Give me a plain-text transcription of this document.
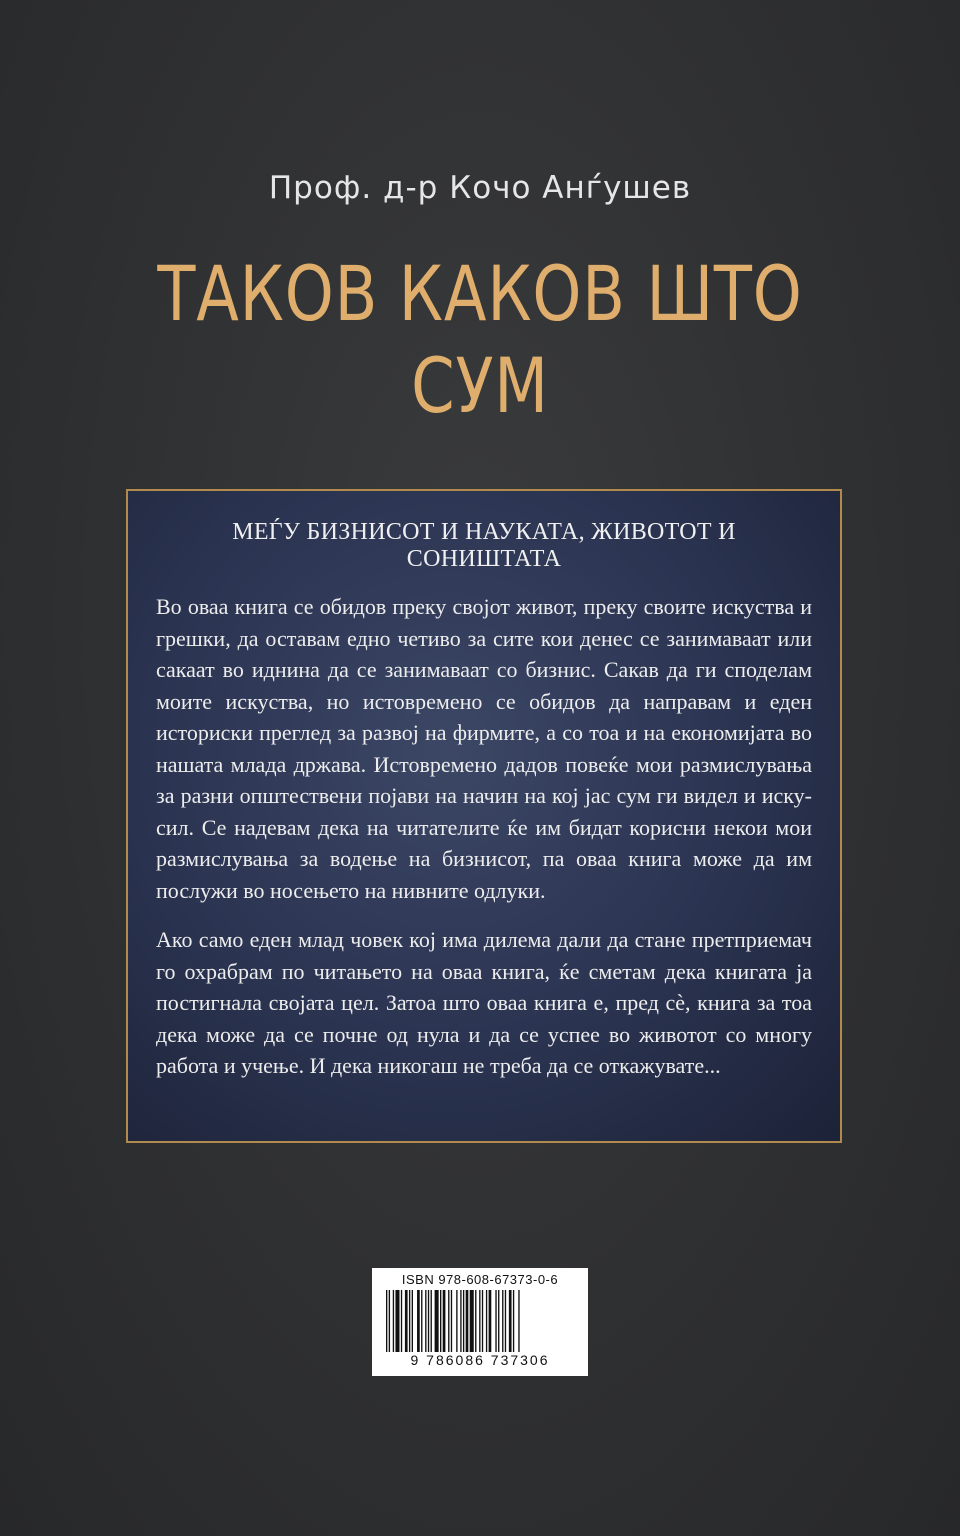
Проф. д-р Кочо Анѓушев
ТАКОВ КАКОВ ШТО СУМ
МЕЃУ БИЗНИСОТ И НАУКАТА, ЖИВОТОТ И СОНИШТАТА

Во оваа книга се обидов преку својот живот, преку своите искуства и грешки, да оставам едно четиво за сите кои денес се занимаваат или сакаат во иднина да се занимаваат со бизнис. Сакав да ги споделам моите искуства, но истовремено се обидов да направам и еден историски преглед за развој на фирмите, а со тоа и на економијата во нашата млада држава. Истовремено дадов повеќе мои размислувања за разни општествени појави на начин на кој јас сум ги видел и искусил. Се надевам дека на читателите ќе им бидат корисни некои мои размислувања за водење на бизнисот, па оваа книга може да им послужи во носењето на нивните одлуки.

Ако само еден млад човек кој има дилема дали да стане претприемач го охрабрам по читањето на оваа книга, ќе сметам дека книгата ја постигнала својата цел. Затоа што оваа книга е, пред сè, книга за тоа дека може да се почне од нула и да се успее во животот со многу работа и учење. И дека никогаш не треба да се откажувате...

ISBN 978-608-67373-0-6
9 786086 737306
